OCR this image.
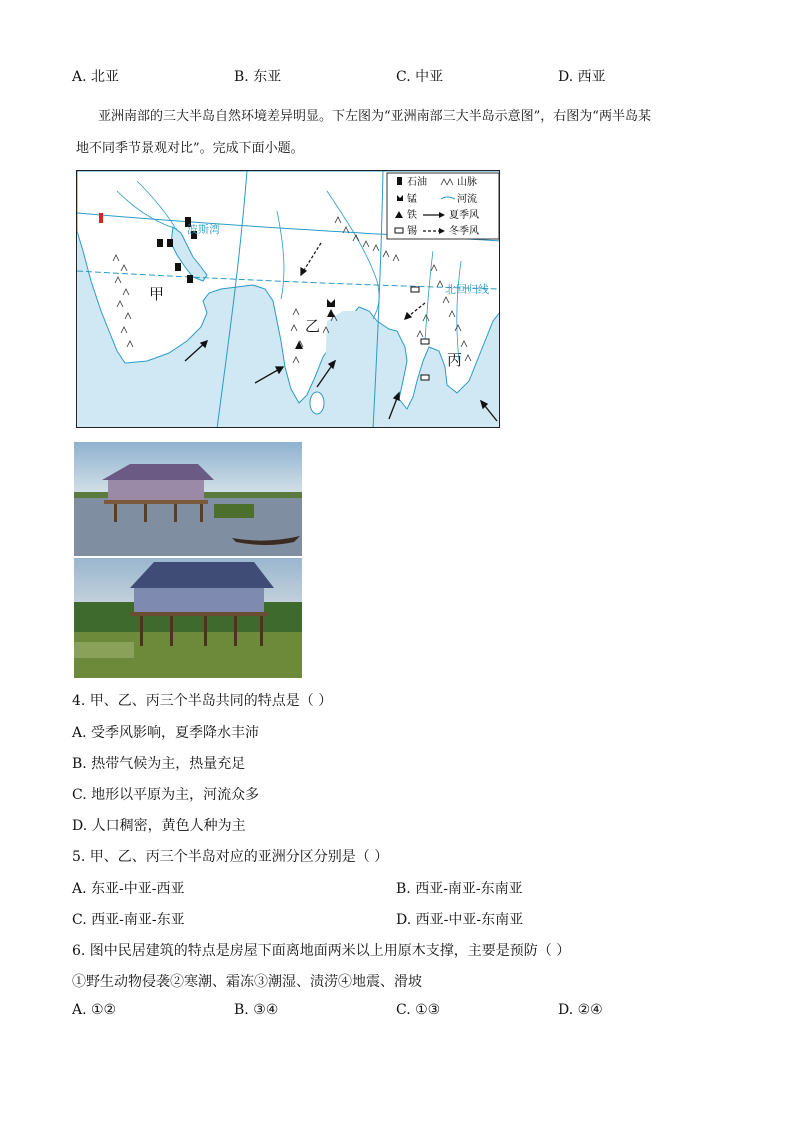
A. 北亚	B. 东亚	C. 中亚	D. 西亚
亚洲南部的三大半岛自然环境差异明显。下左图为“亚洲南部三大半岛示意图”，右图为“两半岛某
地不同季节景观对比”。完成下面小题。
波斯湾
甲
乙
丙
北回归线
石油	山脉
锰	河流
铁	夏季风
锡	冬季风
4. 甲、乙、丙三个半岛共同的特点是（ ）
A. 受季风影响，夏季降水丰沛
B. 热带气候为主，热量充足
C. 地形以平原为主，河流众多
D. 人口稠密，黄色人种为主
5. 甲、乙、丙三个半岛对应的亚洲分区分别是（ ）
A. 东亚-中亚-西亚	B. 西亚-南亚-东南亚
C. 西亚-南亚-东亚	D. 西亚-中亚-东南亚
6. 图中民居建筑的特点是房屋下面离地面两米以上用原木支撑，主要是预防（ ）
①野生动物侵袭②寒潮、霜冻③潮湿、渍涝④地震、滑坡
A. ①②	B. ③④	C. ①③	D. ②④
